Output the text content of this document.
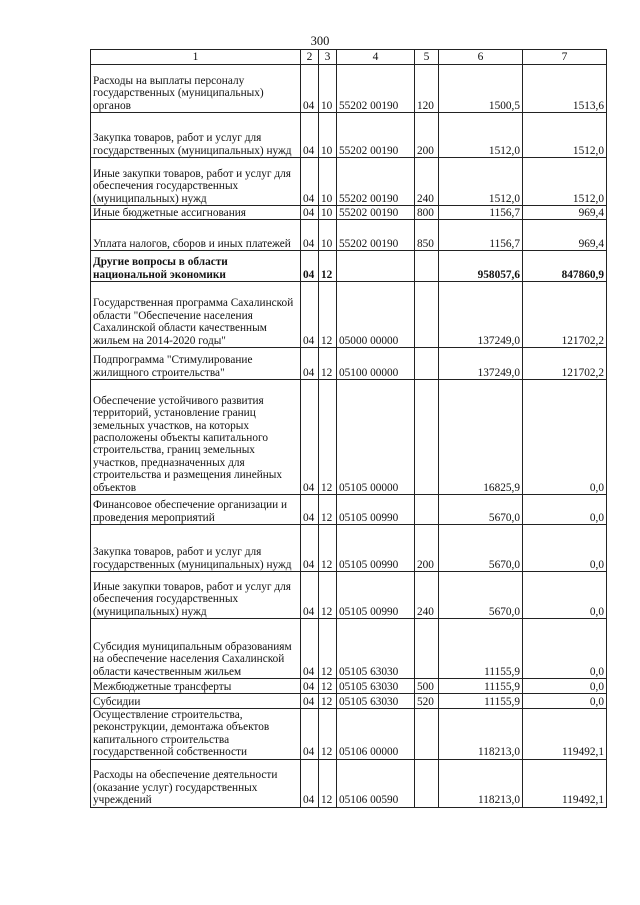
300
1	2	3	4	5	6	7
Расходы на выплаты персоналу государственных (муниципальных) органов	04	10	55202 00190	120	1500,5	1513,6
Закупка товаров, работ и услуг для государственных (муниципальных) нужд	04	10	55202 00190	200	1512,0	1512,0
Иные закупки товаров, работ и услуг для обеспечения государственных (муниципальных) нужд	04	10	55202 00190	240	1512,0	1512,0
Иные бюджетные ассигнования	04	10	55202 00190	800	1156,7	969,4
Уплата налогов, сборов и иных платежей	04	10	55202 00190	850	1156,7	969,4
Другие вопросы в области национальной экономики	04	12			958057,6	847860,9
Государственная программа Сахалинской области "Обеспечение населения Сахалинской области качественным жильем на 2014-2020 годы"	04	12	05000 00000		137249,0	121702,2
Подпрограмма "Стимулирование жилищного строительства"	04	12	05100 00000		137249,0	121702,2
Обеспечение устойчивого развития территорий, установление границ земельных участков, на которых расположены объекты капитального строительства, границ земельных участков, предназначенных для строительства и размещения линейных объектов	04	12	05105 00000		16825,9	0,0
Финансовое обеспечение организации и проведения мероприятий	04	12	05105 00990		5670,0	0,0
Закупка товаров, работ и услуг для государственных (муниципальных) нужд	04	12	05105 00990	200	5670,0	0,0
Иные закупки товаров, работ и услуг для обеспечения государственных (муниципальных) нужд	04	12	05105 00990	240	5670,0	0,0
Субсидия муниципальным образованиям на обеспечение населения Сахалинской области качественным жильем	04	12	05105 63030		11155,9	0,0
Межбюджетные трансферты	04	12	05105 63030	500	11155,9	0,0
Субсидии	04	12	05105 63030	520	11155,9	0,0
Осуществление строительства, реконструкции, демонтажа объектов капитального строительства государственной собственности	04	12	05106 00000		118213,0	119492,1
Расходы на обеспечение деятельности (оказание услуг) государственных учреждений	04	12	05106 00590		118213,0	119492,1
